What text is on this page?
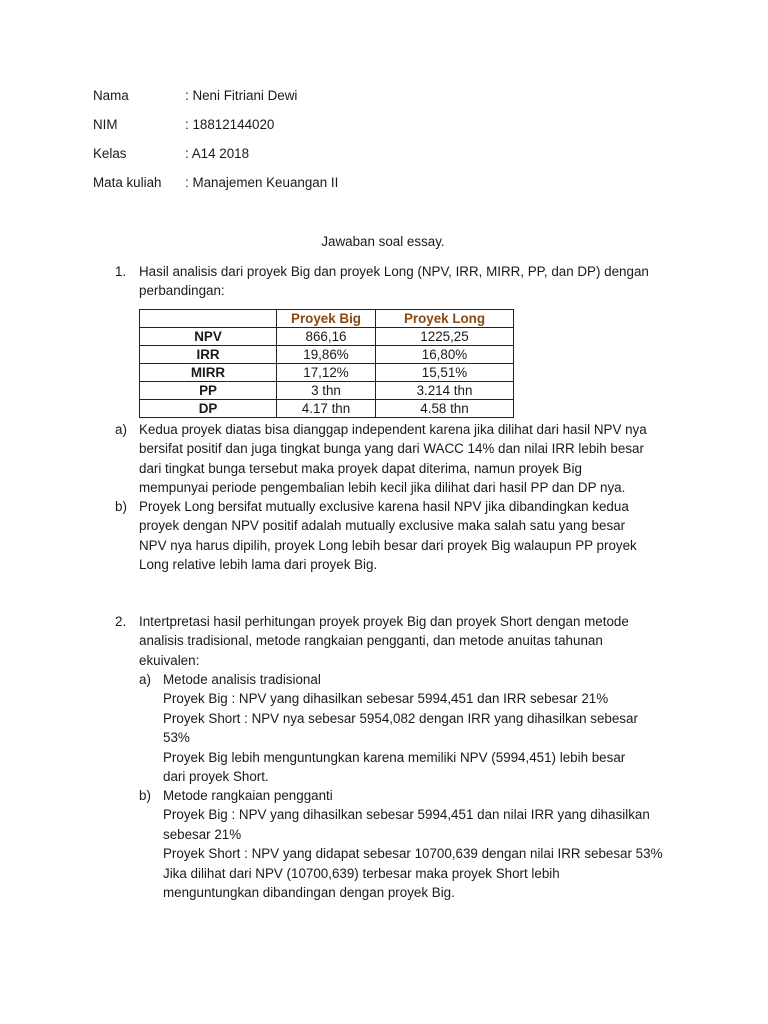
Nama	: Neni Fitriani Dewi
NIM	: 18812144020
Kelas	: A14 2018
Mata kuliah	: Manajemen Keuangan II
Jawaban soal essay.
1. Hasil analisis dari proyek Big dan proyek Long (NPV, IRR, MIRR, PP, dan DP) dengan
perbandingan:
	Proyek Big	Proyek Long
NPV	866,16	1225,25
IRR	19,86%	16,80%
MIRR	17,12%	15,51%
PP	3 thn	3.214 thn
DP	4.17 thn	4.58 thn
a) Kedua proyek diatas bisa dianggap independent karena jika dilihat dari hasil NPV nya
bersifat positif dan juga tingkat bunga yang dari WACC 14% dan nilai IRR lebih besar
dari tingkat bunga tersebut maka proyek dapat diterima, namun proyek Big
mempunyai periode pengembalian lebih kecil jika dilihat dari hasil PP dan DP nya.
b) Proyek Long bersifat mutually exclusive karena hasil NPV jika dibandingkan kedua
proyek dengan NPV positif adalah mutually exclusive maka salah satu yang besar
NPV nya harus dipilih, proyek Long lebih besar dari proyek Big walaupun PP proyek
Long relative lebih lama dari proyek Big.
2. Intertpretasi hasil perhitungan proyek proyek Big dan proyek Short dengan metode
analisis tradisional, metode rangkaian pengganti, dan metode anuitas tahunan
ekuivalen:
a) Metode analisis tradisional
Proyek Big : NPV yang dihasilkan sebesar 5994,451 dan IRR sebesar 21%
Proyek Short : NPV nya sebesar 5954,082 dengan IRR yang dihasilkan sebesar
53%
Proyek Big lebih menguntungkan karena memiliki NPV (5994,451) lebih besar
dari proyek Short.
b) Metode rangkaian pengganti
Proyek Big : NPV yang dihasilkan sebesar 5994,451 dan nilai IRR yang dihasilkan
sebesar 21%
Proyek Short : NPV yang didapat sebesar 10700,639 dengan nilai IRR sebesar 53%
Jika dilihat dari NPV (10700,639) terbesar maka proyek Short lebih
menguntungkan dibandingan dengan proyek Big.
